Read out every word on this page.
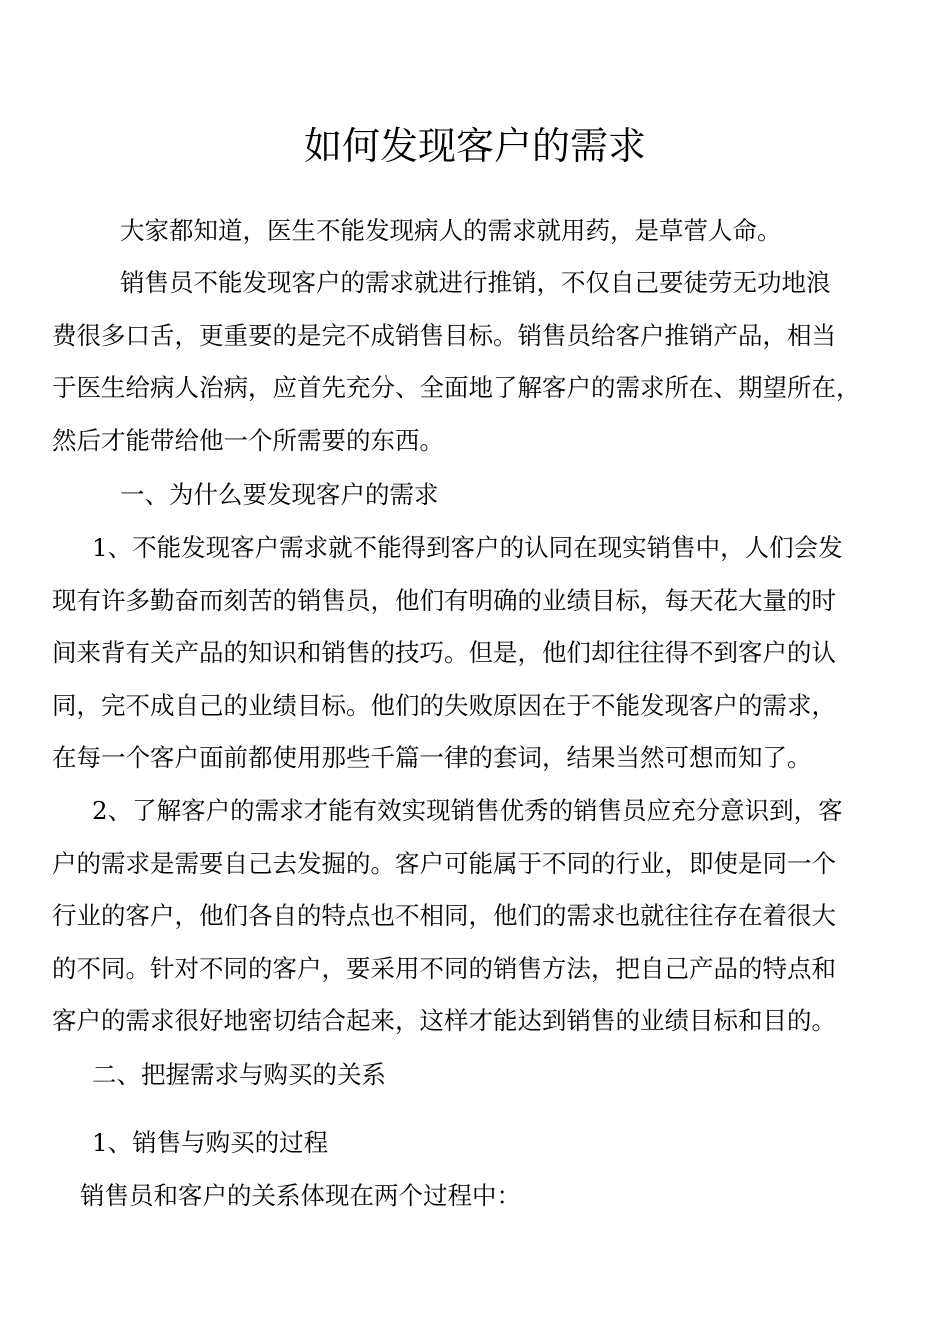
如何发现客户的需求

大家都知道，医生不能发现病人的需求就用药，是草菅人命。

销售员不能发现客户的需求就进行推销，不仅自己要徒劳无功地浪
费很多口舌，更重要的是完不成销售目标。销售员给客户推销产品，相当
于医生给病人治病，应首先充分、全面地了解客户的需求所在、期望所在，
然后才能带给他一个所需要的东西。

一、为什么要发现客户的需求

1、不能发现客户需求就不能得到客户的认同在现实销售中，人们会发
现有许多勤奋而刻苦的销售员，他们有明确的业绩目标，每天花大量的时
间来背有关产品的知识和销售的技巧。但是，他们却往往得不到客户的认
同，完不成自己的业绩目标。他们的失败原因在于不能发现客户的需求，
在每一个客户面前都使用那些千篇一律的套词，结果当然可想而知了。

2、了解客户的需求才能有效实现销售优秀的销售员应充分意识到，客
户的需求是需要自己去发掘的。客户可能属于不同的行业，即使是同一个
行业的客户，他们各自的特点也不相同，他们的需求也就往往存在着很大
的不同。针对不同的客户，要采用不同的销售方法，把自己产品的特点和
客户的需求很好地密切结合起来，这样才能达到销售的业绩目标和目的。

二、把握需求与购买的关系

1、销售与购买的过程

销售员和客户的关系体现在两个过程中：
